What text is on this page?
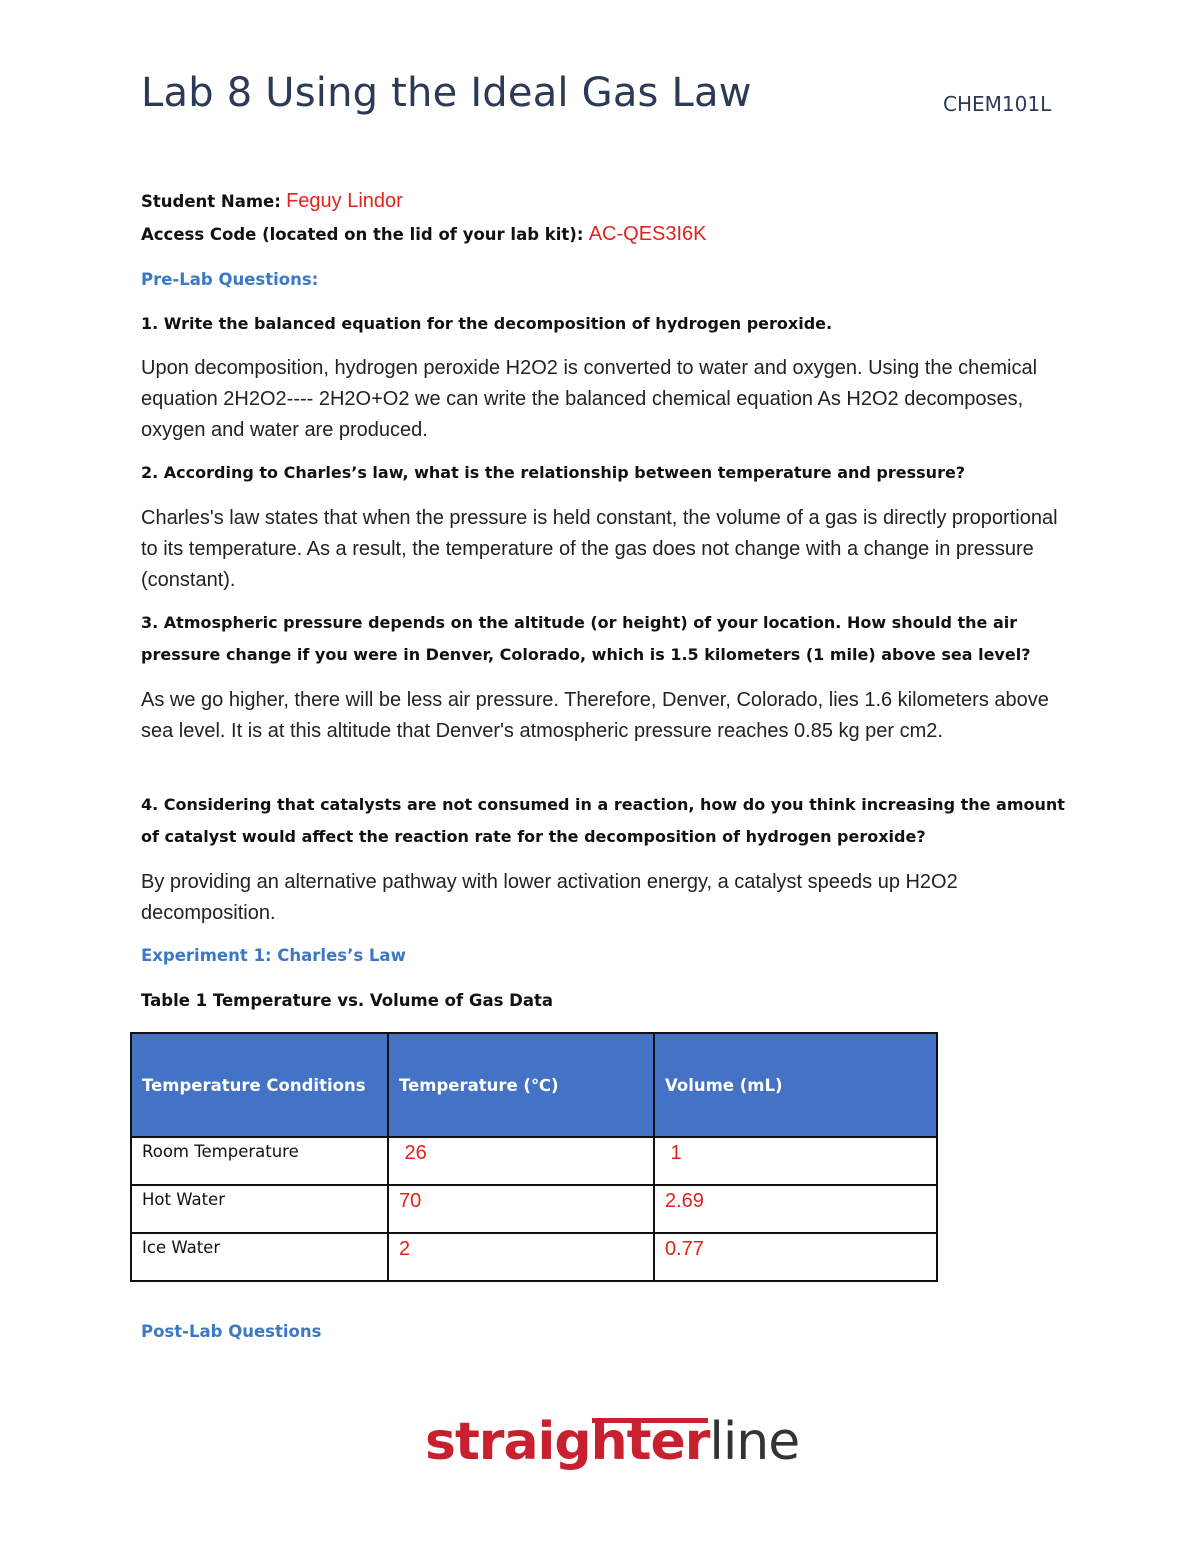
Lab 8 Using the Ideal Gas Law	CHEM101L
Student Name: Feguy Lindor
Access Code (located on the lid of your lab kit): AC-QES3I6K
Pre-Lab Questions:
1. Write the balanced equation for the decomposition of hydrogen peroxide.
Upon decomposition, hydrogen peroxide H2O2 is converted to water and oxygen. Using the chemical equation 2H2O2---- 2H2O+O2 we can write the balanced chemical equation As H2O2 decomposes, oxygen and water are produced.
2. According to Charles’s law, what is the relationship between temperature and pressure?
Charles's law states that when the pressure is held constant, the volume of a gas is directly proportional to its temperature. As a result, the temperature of the gas does not change with a change in pressure (constant).
3. Atmospheric pressure depends on the altitude (or height) of your location. How should the air pressure change if you were in Denver, Colorado, which is 1.5 kilometers (1 mile) above sea level?
As we go higher, there will be less air pressure. Therefore, Denver, Colorado, lies 1.6 kilometers above sea level. It is at this altitude that Denver's atmospheric pressure reaches 0.85 kg per cm2.
4. Considering that catalysts are not consumed in a reaction, how do you think increasing the amount of catalyst would affect the reaction rate for the decomposition of hydrogen peroxide?
By providing an alternative pathway with lower activation energy, a catalyst speeds up H2O2 decomposition.
Experiment 1: Charles’s Law
Table 1 Temperature vs. Volume of Gas Data
Temperature Conditions	Temperature (℃)	Volume (mL)
Room Temperature	26	1
Hot Water	70	2.69
Ice Water	2	0.77
Post-Lab Questions
straighterline
